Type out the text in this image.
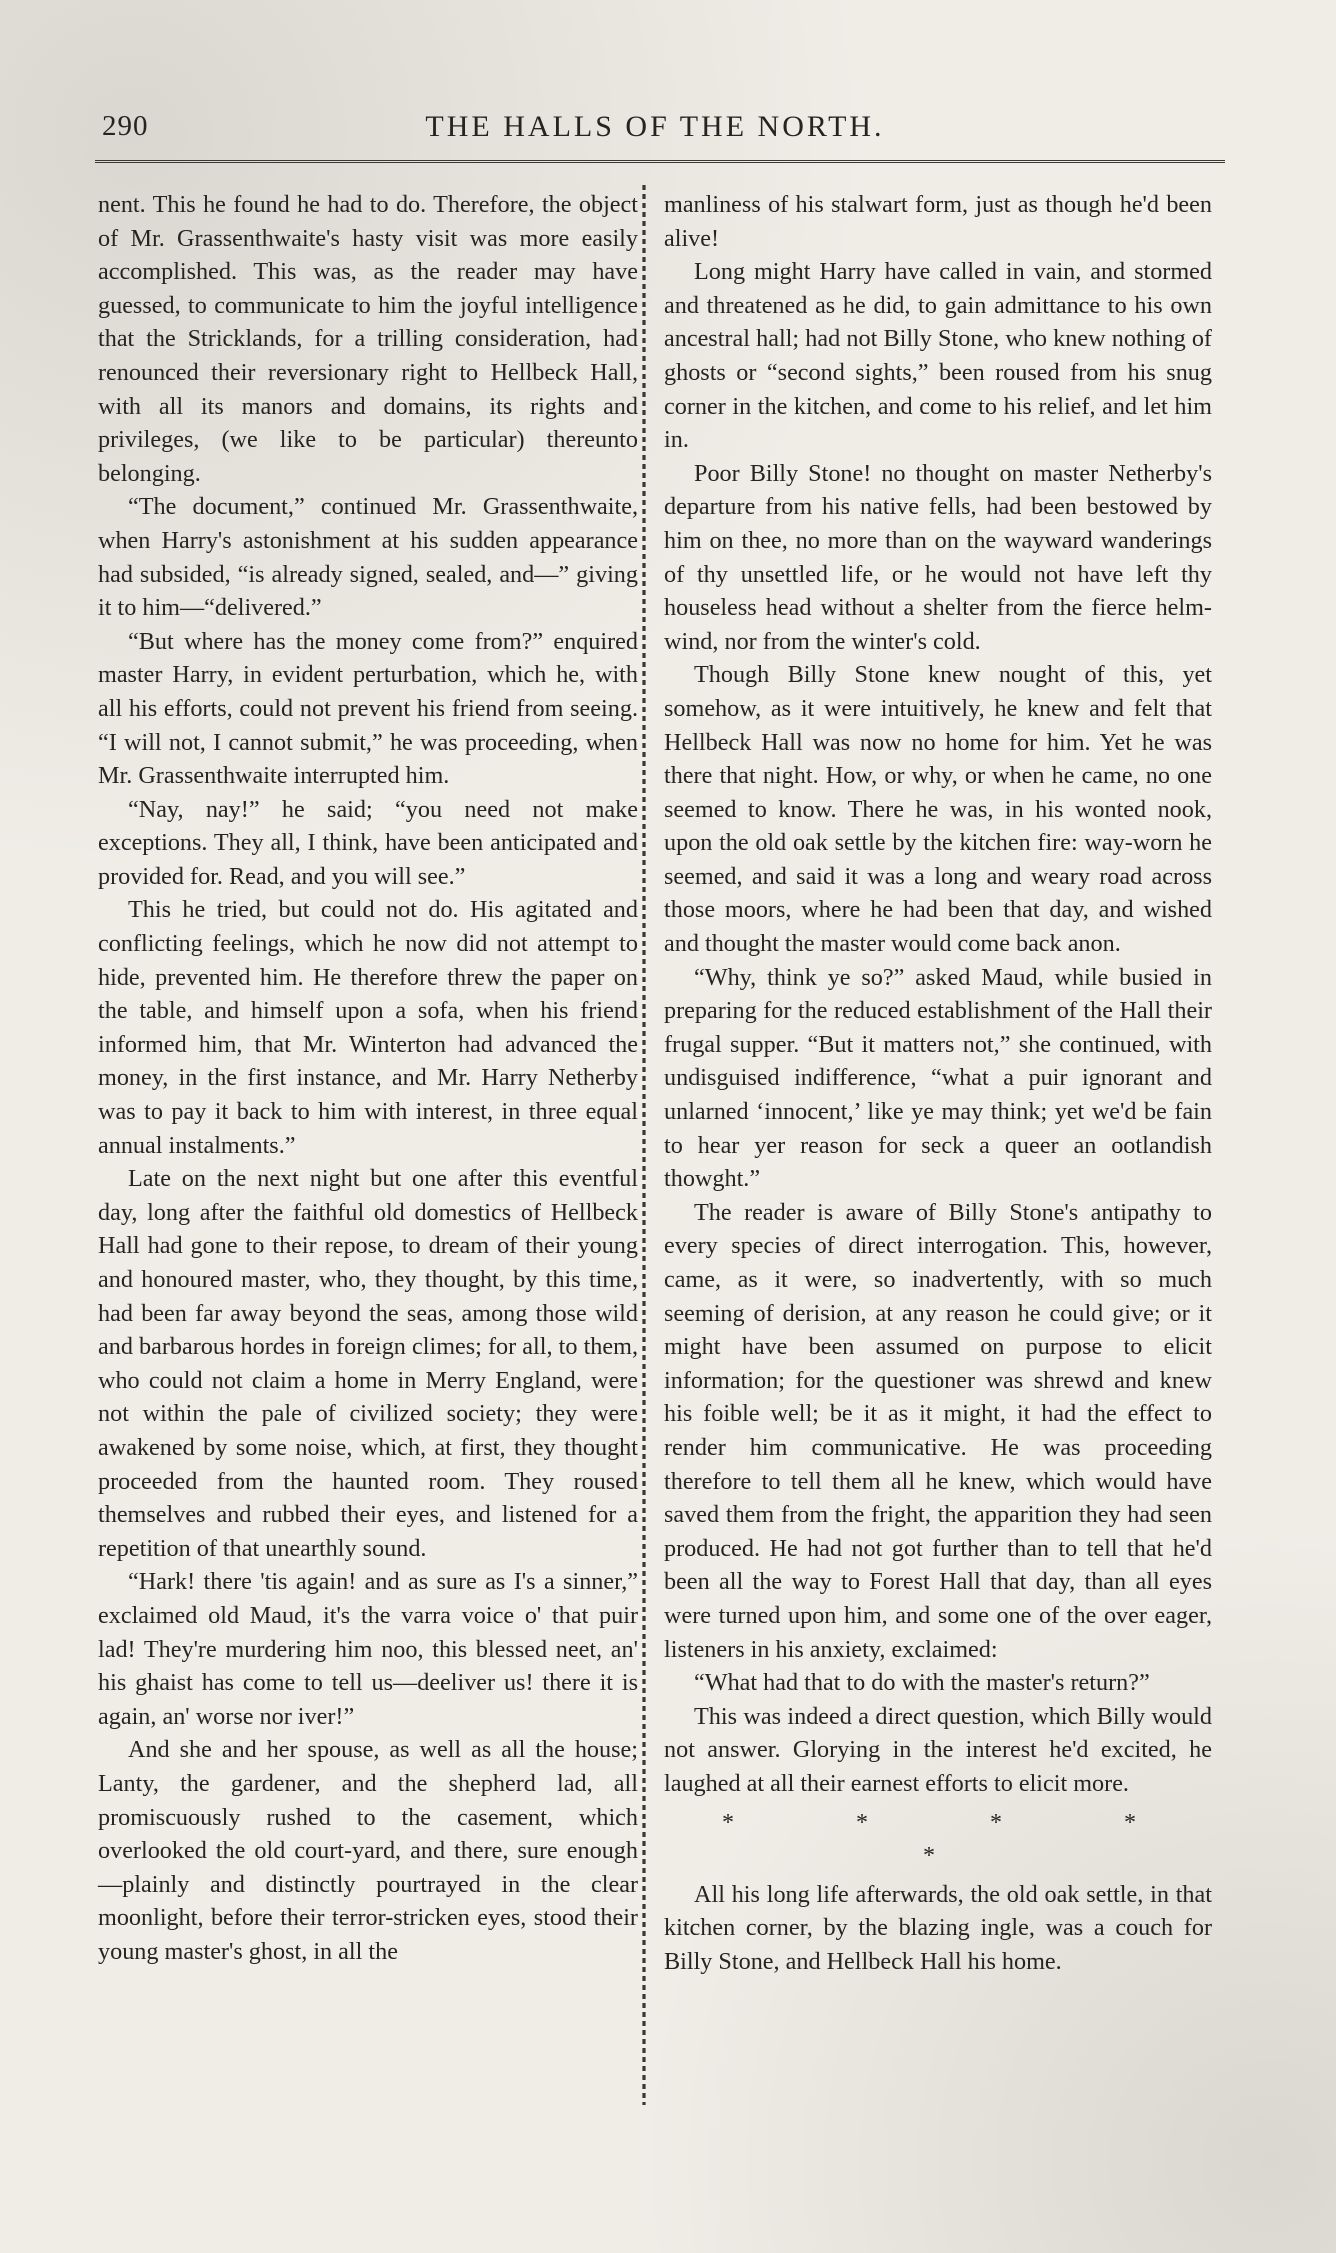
290	THE HALLS OF THE NORTH.

nent. This he found he had to do. Therefore, the object of Mr. Grassenthwaite's hasty visit was more easily accomplished. This was, as the reader may have guessed, to communicate to him the joyful intelligence that the Stricklands, for a trilling consideration, had renounced their reversionary right to Hellbeck Hall, with all its manors and domains, its rights and privileges, (we like to be particular) thereunto belonging.

“The document,” continued Mr. Grassenthwaite, when Harry's astonishment at his sudden appearance had subsided, “is already signed, sealed, and—” giving it to him—“delivered.”

“But where has the money come from?” enquired master Harry, in evident perturbation, which he, with all his efforts, could not prevent his friend from seeing. “I will not, I cannot submit,” he was proceeding, when Mr. Grassenthwaite interrupted him.

“Nay, nay!” he said; “you need not make exceptions. They all, I think, have been anticipated and provided for. Read, and you will see.”

This he tried, but could not do. His agitated and conflicting feelings, which he now did not attempt to hide, prevented him. He therefore threw the paper on the table, and himself upon a sofa, when his friend informed him, that Mr. Winterton had advanced the money, in the first instance, and Mr. Harry Netherby was to pay it back to him with interest, in three equal annual instalments.”

Late on the next night but one after this eventful day, long after the faithful old domestics of Hellbeck Hall had gone to their repose, to dream of their young and honoured master, who, they thought, by this time, had been far away beyond the seas, among those wild and barbarous hordes in foreign climes; for all, to them, who could not claim a home in Merry England, were not within the pale of civilized society; they were awakened by some noise, which, at first, they thought proceeded from the haunted room. They roused themselves and rubbed their eyes, and listened for a repetition of that unearthly sound.

“Hark! there 'tis again! and as sure as I's a sinner,” exclaimed old Maud, it's the varra voice o' that puir lad! They're murdering him noo, this blessed neet, an' his ghaist has come to tell us—deeliver us! there it is again, an' worse nor iver!”

And she and her spouse, as well as all the house; Lanty, the gardener, and the shepherd lad, all promiscuously rushed to the casement, which overlooked the old court-yard, and there, sure enough—plainly and distinctly pourtrayed in the clear moonlight, before their terror-stricken eyes, stood their young master's ghost, in all the

manliness of his stalwart form, just as though he'd been alive!

Long might Harry have called in vain, and stormed and threatened as he did, to gain admittance to his own ancestral hall; had not Billy Stone, who knew nothing of ghosts or “second sights,” been roused from his snug corner in the kitchen, and come to his relief, and let him in.

Poor Billy Stone! no thought on master Netherby's departure from his native fells, had been bestowed by him on thee, no more than on the wayward wanderings of thy unsettled life, or he would not have left thy houseless head without a shelter from the fierce helm-wind, nor from the winter's cold.

Though Billy Stone knew nought of this, yet somehow, as it were intuitively, he knew and felt that Hellbeck Hall was now no home for him. Yet he was there that night. How, or why, or when he came, no one seemed to know. There he was, in his wonted nook, upon the old oak settle by the kitchen fire: way-worn he seemed, and said it was a long and weary road across those moors, where he had been that day, and wished and thought the master would come back anon.

“Why, think ye so?” asked Maud, while busied in preparing for the reduced establishment of the Hall their frugal supper. “But it matters not,” she continued, with undisguised indifference, “what a puir ignorant and unlarned ‘innocent,’ like ye may think; yet we'd be fain to hear yer reason for seck a queer an ootlandish thowght.”

The reader is aware of Billy Stone's antipathy to every species of direct interrogation. This, however, came, as it were, so inadvertently, with so much seeming of derision, at any reason he could give; or it might have been assumed on purpose to elicit information; for the questioner was shrewd and knew his foible well; be it as it might, it had the effect to render him communicative. He was proceeding therefore to tell them all he knew, which would have saved them from the fright, the apparition they had seen produced. He had not got further than to tell that he'd been all the way to Forest Hall that day, than all eyes were turned upon him, and some one of the over eager, listeners in his anxiety, exclaimed:

“What had that to do with the master's return?”

This was indeed a direct question, which Billy would not answer. Glorying in the interest he'd excited, he laughed at all their earnest efforts to elicit more.

* * * * *

All his long life afterwards, the old oak settle, in that kitchen corner, by the blazing ingle, was a couch for Billy Stone, and Hellbeck Hall his home.
